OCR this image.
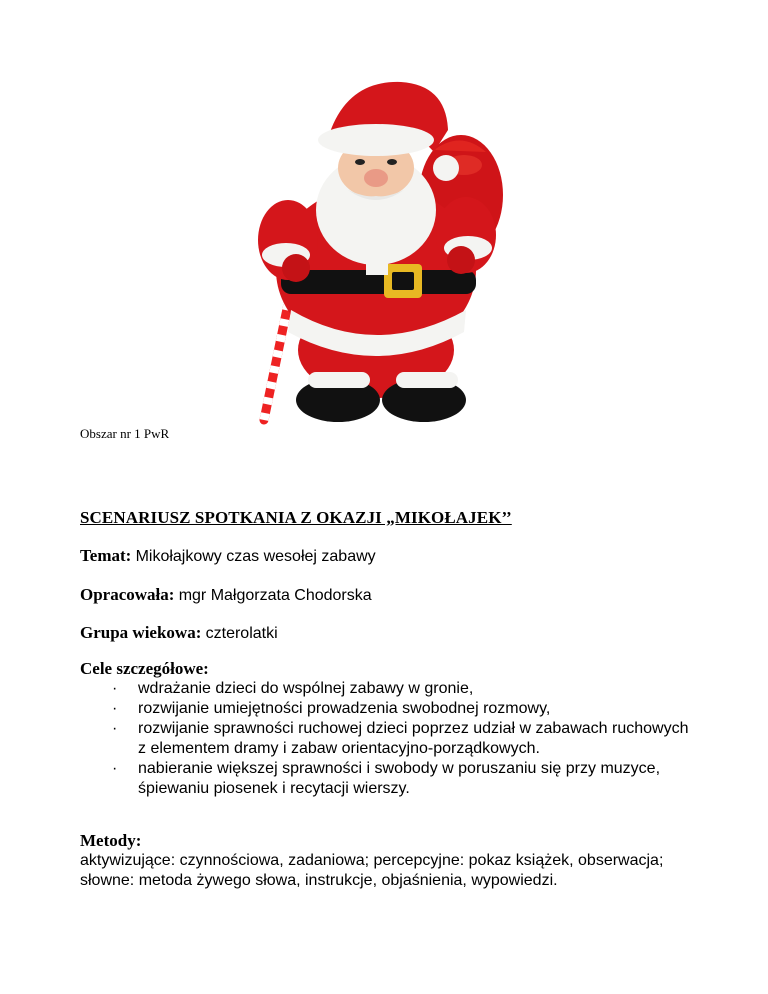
Obszar nr 1 PwR
SCENARIUSZ SPOTKANIA Z OKAZJI „MIKOŁAJEK’’
Temat: Mikołajkowy czas wesołej zabawy
Opracowała: mgr Małgorzata Chodorska
Grupa wiekowa: czterolatki
Cele szczegółowe:
· wdrażanie dzieci do wspólnej zabawy w gronie,
· rozwijanie umiejętności prowadzenia swobodnej rozmowy,
· rozwijanie sprawności ruchowej dzieci poprzez udział w zabawach ruchowych z elementem dramy i zabaw orientacyjno-porządkowych.
· nabieranie większej sprawności i swobody w poruszaniu się przy muzyce, śpiewaniu piosenek i recytacji wierszy.
Metody:
aktywizujące: czynnościowa, zadaniowa; percepcyjne: pokaz książek, obserwacja;
słowne: metoda żywego słowa, instrukcje, objaśnienia, wypowiedzi.
